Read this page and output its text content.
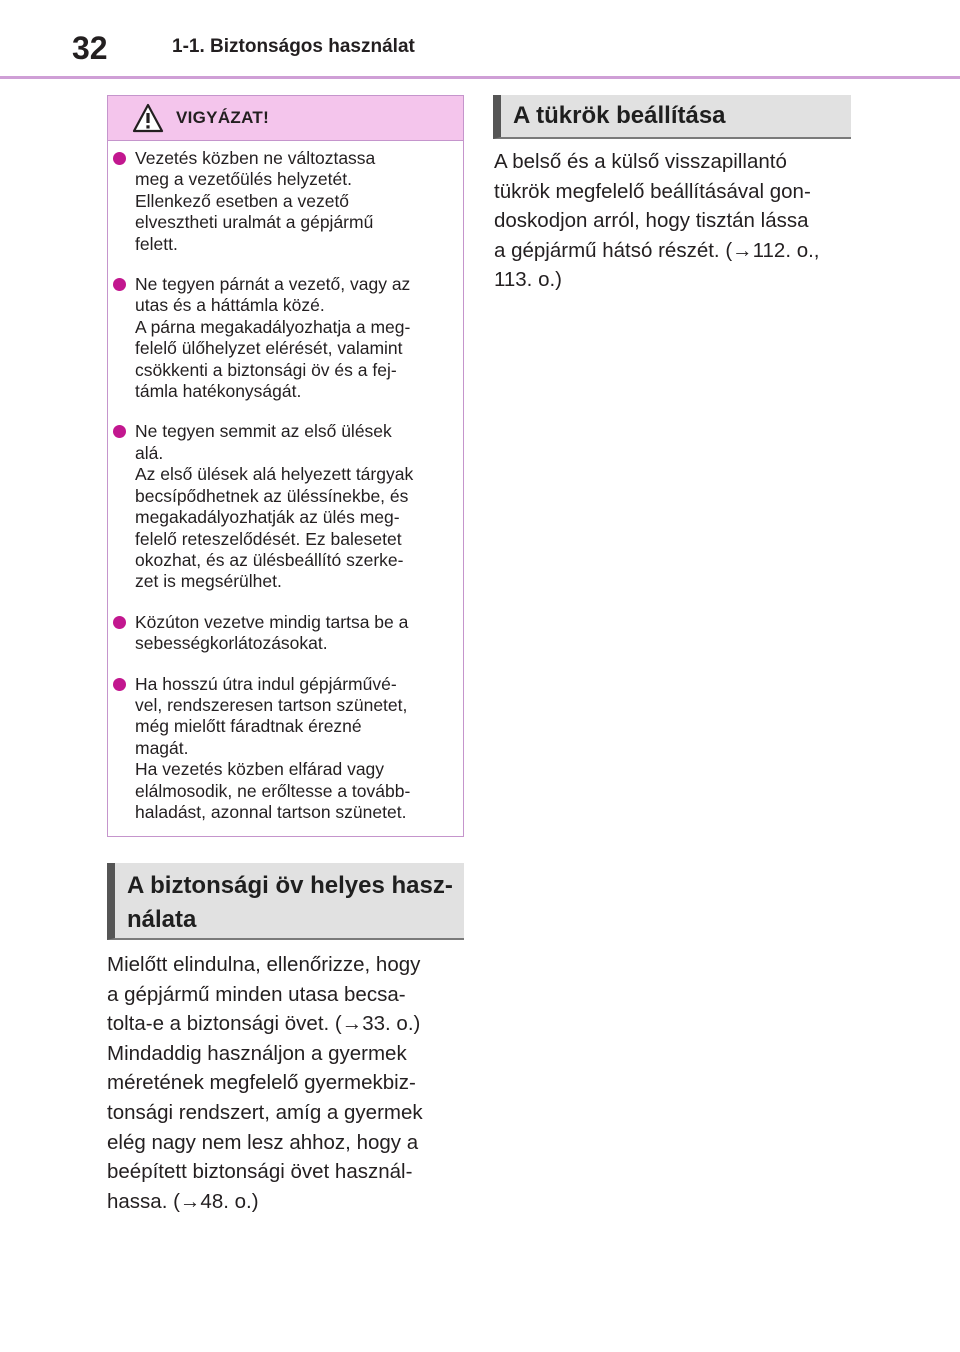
32	1-1. Biztonságos használat
VIGYÁZAT!

Vezetés közben ne változtassa
meg a vezetőülés helyzetét.
Ellenkező esetben a vezető
elvesztheti uralmát a gépjármű
felett.

Ne tegyen párnát a vezető, vagy az
utas és a háttámla közé.
A párna megakadályozhatja a meg-
felelő ülőhelyzet elérését, valamint
csökkenti a biztonsági öv és a fej-
támla hatékonyságát.

Ne tegyen semmit az első ülések
alá.
Az első ülések alá helyezett tárgyak
becsípődhetnek az üléssínekbe, és
megakadályozhatják az ülés meg-
felelő reteszelődését. Ez balesetet
okozhat, és az ülésbeállító szerke-
zet is megsérülhet.

Közúton vezetve mindig tartsa be a
sebességkorlátozásokat.

Ha hosszú útra indul gépjárművé-
vel, rendszeresen tartson szünetet,
még mielőtt fáradtnak érezné
magát.
Ha vezetés közben elfárad vagy
elálmosodik, ne erőltesse a tovább-
haladást, azonnal tartson szünetet.

A biztonsági öv helyes hasz-
nálata

Mielőtt elindulna, ellenőrizze, hogy
a gépjármű minden utasa becsa-
tolta-e a biztonsági övet. (→33. o.)
Mindaddig használjon a gyermek
méretének megfelelő gyermekbiz-
tonsági rendszert, amíg a gyermek
elég nagy nem lesz ahhoz, hogy a
beépített biztonsági övet használ-
hassa. (→48. o.)

A tükrök beállítása

A belső és a külső visszapillantó
tükrök megfelelő beállításával gon-
doskodjon arról, hogy tisztán lássa
a gépjármű hátsó részét. (→112. o.,
113. o.)
